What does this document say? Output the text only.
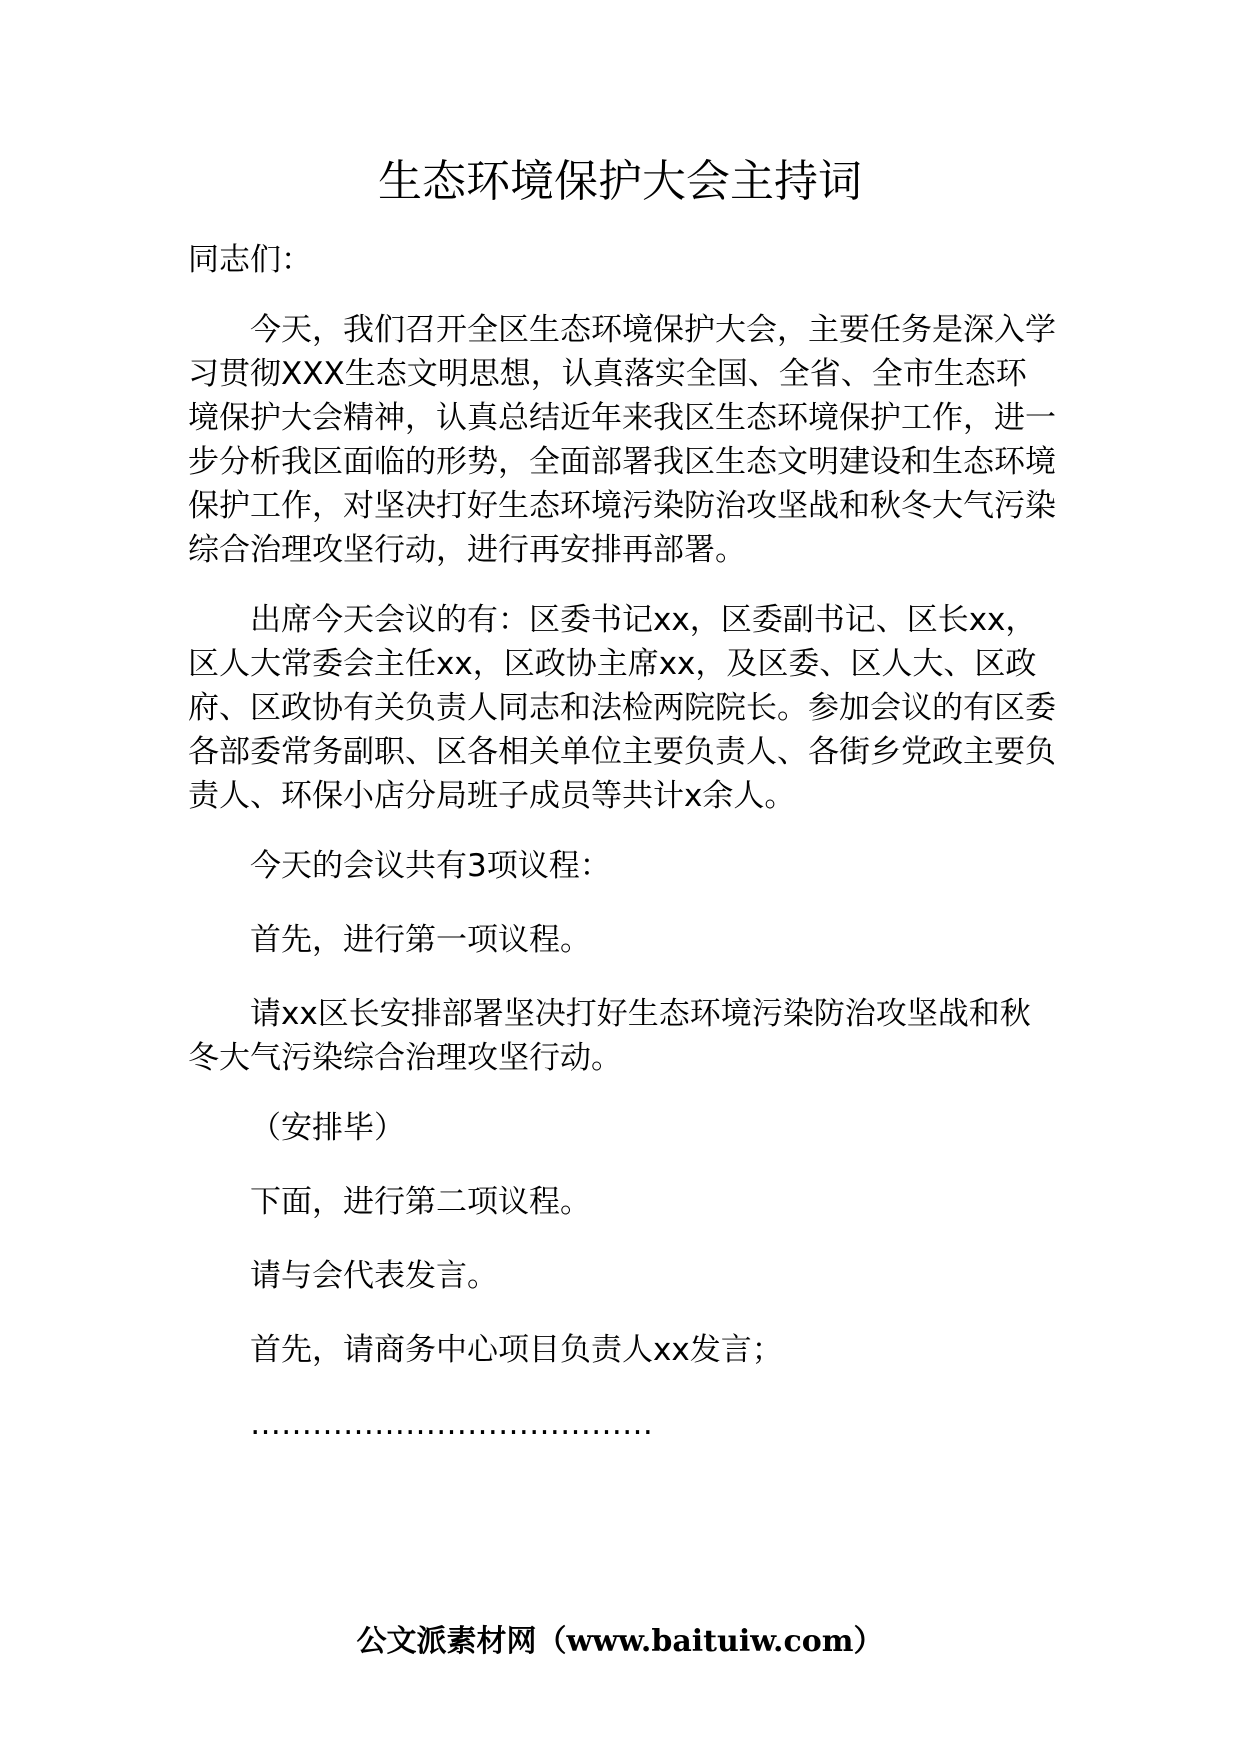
生态环境保护大会主持词

同志们：

今天，我们召开全区生态环境保护大会，主要任务是深入学习贯彻XXX生态文明思想，认真落实全国、全省、全市生态环境保护大会精神，认真总结近年来我区生态环境保护工作，进一步分析我区面临的形势，全面部署我区生态文明建设和生态环境保护工作，对坚决打好生态环境污染防治攻坚战和秋冬大气污染综合治理攻坚行动，进行再安排再部署。

出席今天会议的有：区委书记xx，区委副书记、区长xx，区人大常委会主任xx，区政协主席xx，及区委、区人大、区政府、区政协有关负责人同志和法检两院院长。参加会议的有区委各部委常务副职、区各相关单位主要负责人、各街乡党政主要负责人、环保小店分局班子成员等共计x余人。

今天的会议共有3项议程：

首先，进行第一项议程。

请xx区长安排部署坚决打好生态环境污染防治攻坚战和秋冬大气污染综合治理攻坚行动。

（安排毕）

下面，进行第二项议程。

请与会代表发言。

首先，请商务中心项目负责人xx发言；

…………………………………

公文派素材网（www.baituiw.com）
